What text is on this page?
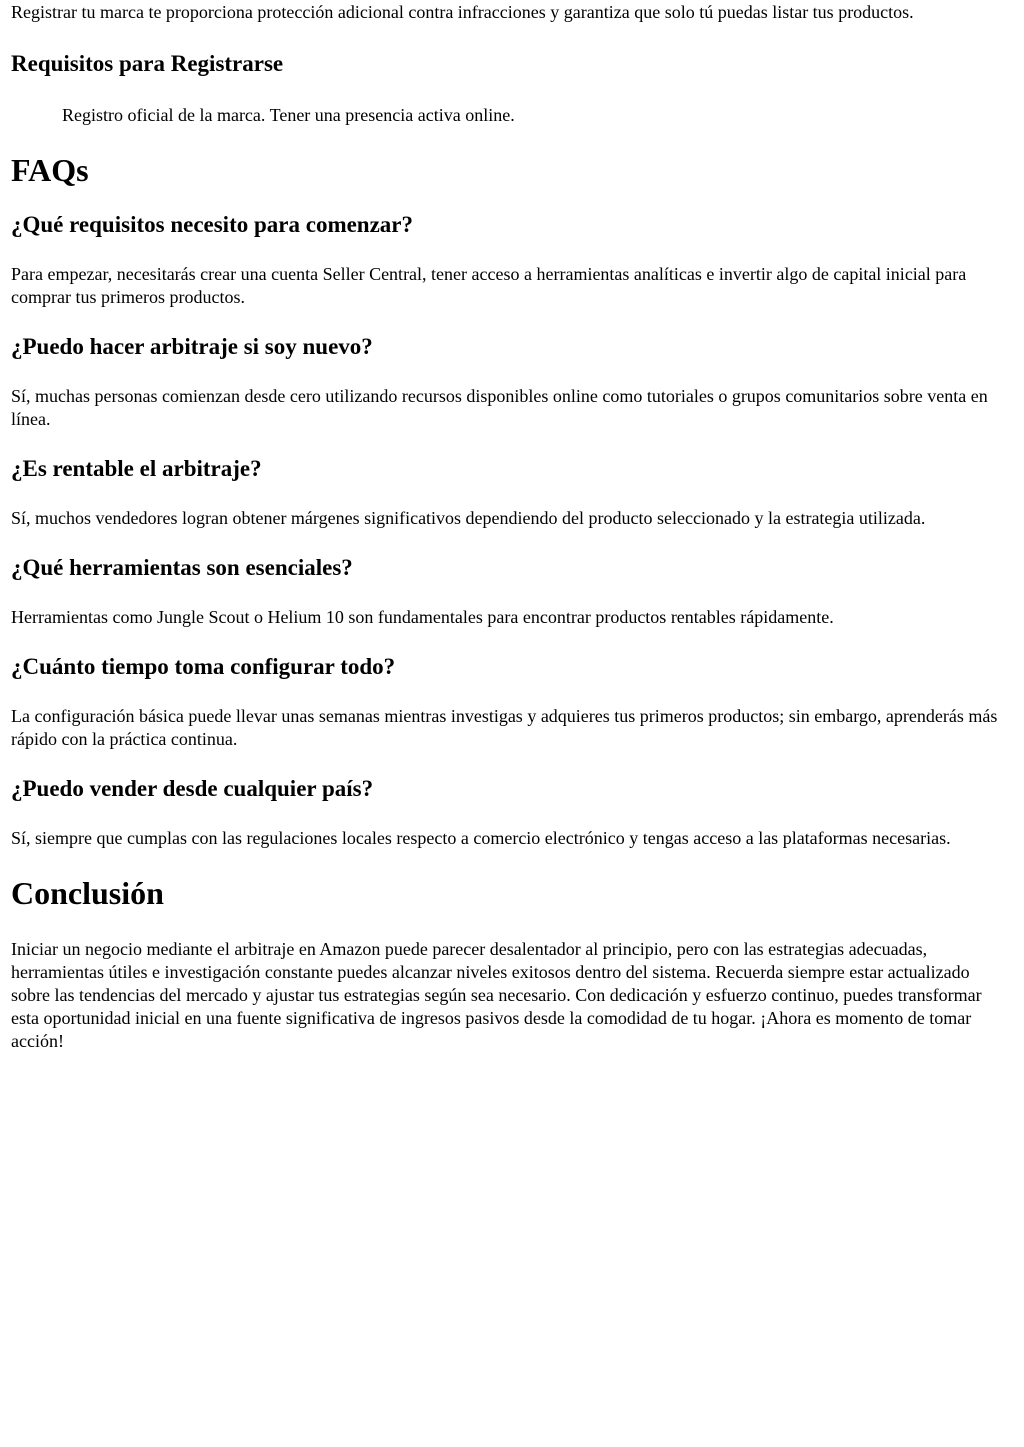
Registrar tu marca te proporciona protección adicional contra infracciones y garantiza que solo tú puedas listar tus productos.

Requisitos para Registrarse

Registro oficial de la marca. Tener una presencia activa online.

FAQs
¿Qué requisitos necesito para comenzar?

Para empezar, necesitarás crear una cuenta Seller Central, tener acceso a herramientas analíticas e invertir algo de capital inicial para comprar tus primeros productos.

¿Puedo hacer arbitraje si soy nuevo?

Sí, muchas personas comienzan desde cero utilizando recursos disponibles online como tutoriales o grupos comunitarios sobre venta en línea.

¿Es rentable el arbitraje?

Sí, muchos vendedores logran obtener márgenes significativos dependiendo del producto seleccionado y la estrategia utilizada.

¿Qué herramientas son esenciales?

Herramientas como Jungle Scout o Helium 10 son fundamentales para encontrar productos rentables rápidamente.

¿Cuánto tiempo toma configurar todo?

La configuración básica puede llevar unas semanas mientras investigas y adquieres tus primeros productos; sin embargo, aprenderás más rápido con la práctica continua.

¿Puedo vender desde cualquier país?

Sí, siempre que cumplas con las regulaciones locales respecto a comercio electrónico y tengas acceso a las plataformas necesarias.

Conclusión

Iniciar un negocio mediante el arbitraje en Amazon puede parecer desalentador al principio, pero con las estrategias adecuadas, herramientas útiles e investigación constante puedes alcanzar niveles exitosos dentro del sistema. Recuerda siempre estar actualizado sobre las tendencias del mercado y ajustar tus estrategias según sea necesario. Con dedicación y esfuerzo continuo, puedes transformar esta oportunidad inicial en una fuente significativa de ingresos pasivos desde la comodidad de tu hogar. ¡Ahora es momento de tomar acción!
